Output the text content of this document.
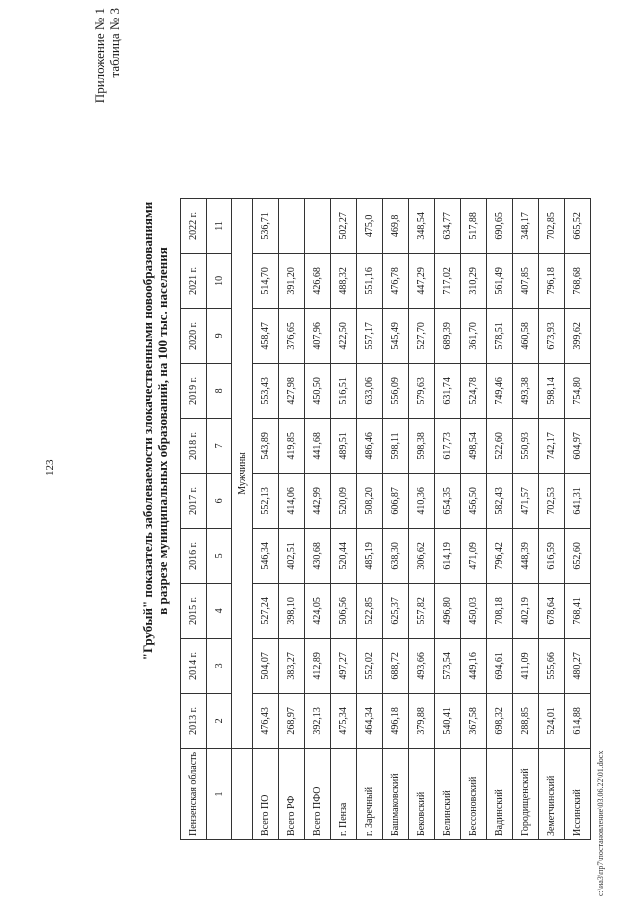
123
Приложение № 1 таблица № 3
"Грубый" показатель заболеваемости злокачественными новообразованиями в разрезе муниципальных образований, на 100 тыс. населения
Пензенская область	2013 г.	2014 г.	2015 г.	2016 г.	2017 г.	2018 г.	2019 г.	2020 г.	2021 г.	2022 г.
1	2	3	4	5	6	7	8	9	10	11
	Мужчины									
Всего ПО	476,43	504,07	527,24	546,34	552,13	543,89	553,43	458,47	514,70	536,71
Всего РФ	268,97	383,27	398,10	402,51	414,06	419,85	427,98	376,65	391,20	
Всего ПФО	392,13	412,89	424,05	430,68	442,99	441,68	450,50	407,96	426,68	
г. Пенза	475,34	497,27	506,56	520,44	520,09	489,51	516,51	422,50	488,32	502,27
г. Заречный	464,34	552,02	522,85	485,19	508,20	486,46	633,06	557,17	551,16	475,0
Башмаковский	496,18	688,72	625,37	638,30	606,87	598,11	556,09	545,49	476,78	469,8
Бековский	379,88	493,66	557,82	306,62	410,36	598,38	579,63	527,70	447,29	348,54
Белинский	540,41	573,54	496,80	614,19	654,35	617,73	631,74	689,39	717,02	634,77
Бессоновский	367,58	449,16	450,03	471,09	456,50	498,54	524,78	361,70	310,29	517,88
Вадинский	698,32	694,61	708,18	796,42	582,43	522,60	749,46	578,51	561,49	690,65
Городищенский	288,85	411,09	402,19	448,39	471,57	550,93	493,38	460,58	407,85	348,17
Земетчинский	524,01	555,66	678,64	616,59	702,53	742,17	598,14	673,93	796,18	702,85
Иссинский	614,88	480,27	768,41	652,60	641,31	604,97	754,80	399,62	768,68	665,52
c:\иа3\пр7\постановление\03.06.22\01.docx
